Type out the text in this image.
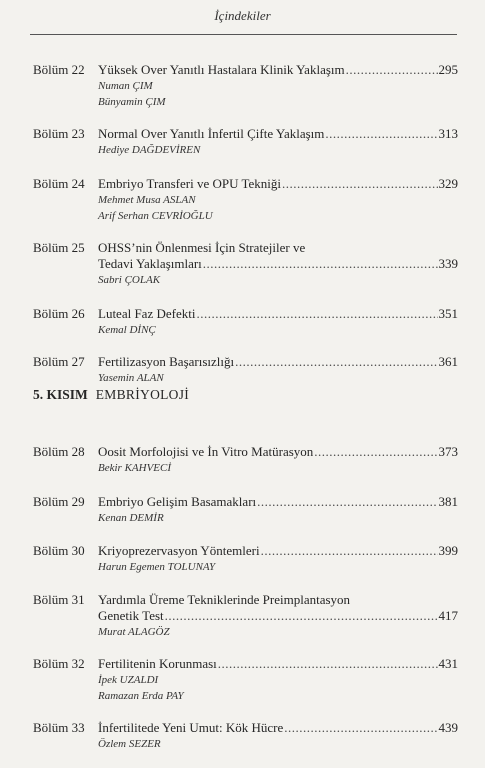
İçindekiler
5. KISIM EMBRİYOLOJİ
Bölüm 22 Yüksek Over Yanıtlı Hastalara Klinik Yaklaşım .....	295
Numan ÇIM
Bünyamin ÇIM
Bölüm 23 Normal Over Yanıtlı İnfertil Çifte Yaklaşım .....	313
Hediye DAĞDEVİREN
Bölüm 24 Embriyo Transferi ve OPU Tekniği .....	329
Mehmet Musa ASLAN
Arif Serhan CEVRİOĞLU
Bölüm 25 OHSS’nin Önlenmesi İçin Stratejiler ve
Tedavi Yaklaşımları .....	339
Sabri ÇOLAK
Bölüm 26 Luteal Faz Defekti .....	351
Kemal DİNÇ
Bölüm 27 Fertilizasyon Başarısızlığı .....	361
Yasemin ALAN
Bölüm 28 Oosit Morfolojisi ve İn Vitro Matürasyon .....	373
Bekir KAHVECİ
Bölüm 29 Embriyo Gelişim Basamakları .....	381
Kenan DEMİR
Bölüm 30 Kriyoprezervasyon Yöntemleri .....	399
Harun Egemen TOLUNAY
Bölüm 31 Yardımla Üreme Tekniklerinde Preimplantasyon
Genetik Test .....	417
Murat ALAGÖZ
Bölüm 32 Fertilitenin Korunması .....	431
İpek UZALDI
Ramazan Erda PAY
Bölüm 33 İnfertilitede Yeni Umut: Kök Hücre .....	439
Özlem SEZER
